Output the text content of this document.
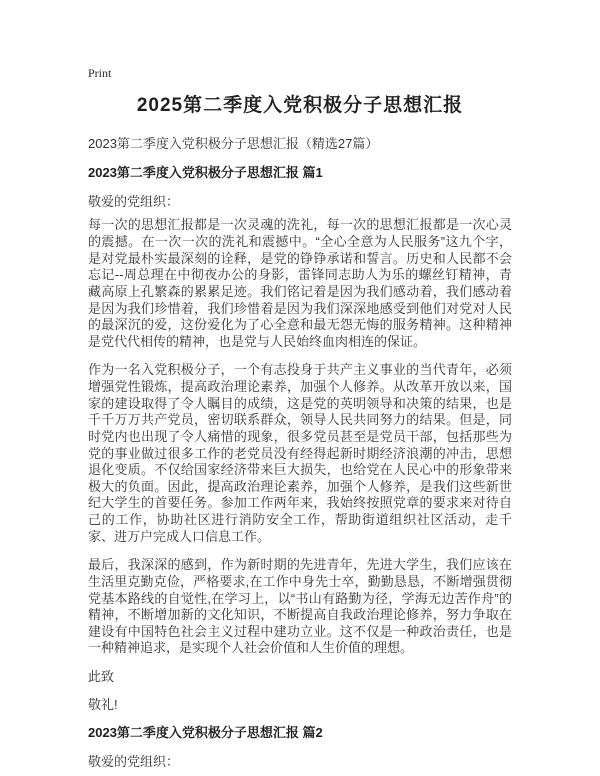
Print
2025第二季度入党积极分子思想汇报

2023第二季度入党积极分子思想汇报（精选27篇）

2023第二季度入党积极分子思想汇报 篇1

敬爱的党组织：

每一次的思想汇报都是一次灵魂的洗礼，每一次的思想汇报都是一次心灵的震撼。在一次一次的洗礼和震撼中。“全心全意为人民服务”这九个字，是对党最朴实最深刻的诠释，是党的铮铮承诺和誓言。历史和人民都不会忘记--周总理在中彻夜办公的身影，雷锋同志助人为乐的螺丝钉精神，青藏高原上孔繁森的累累足迹。我们铭记着是因为我们感动着，我们感动着是因为我们珍惜着，我们珍惜着是因为我们深深地感受到他们对党对人民的最深沉的爱，这份爱化为了心全意和最无怨无悔的服务精神。这种精神是党代代相传的精神，也是党与人民始终血肉相连的保证。

作为一名入党积极分子，一个有志投身于共产主义事业的当代青年，必须增强党性锻炼，提高政治理论素养，加强个人修养。从改革开放以来，国家的建设取得了令人瞩目的成绩，这是党的英明领导和决策的结果，也是千千万万共产党员，密切联系群众，领导人民共同努力的结果。但是，同时党内也出现了令人痛惜的现象，很多党员甚至是党员干部，包括那些为党的事业做过很多工作的老党员没有经得起新时期经济浪潮的冲击，思想退化变质。不仅给国家经济带来巨大损失，也给党在人民心中的形象带来极大的负面。因此，提高政治理论素养，加强个人修养，是我们这些新世纪大学生的首要任务。参加工作两年来，我始终按照党章的要求来对待自己的工作，协助社区进行消防安全工作，帮助街道组织社区活动，走千家、进万户完成人口信息工作。

最后，我深深的感到，作为新时期的先进青年，先进大学生，我们应该在生活里克勤克俭，严格要求,在工作中身先士卒，勤勤恳恳，不断增强贯彻党基本路线的自觉性,在学习上，以“书山有路勤为径，学海无边苦作舟”的精神，不断增加新的文化知识，不断提高自我政治理论修养，努力争取在建设有中国特色社会主义过程中建功立业。这不仅是一种政治责任，也是一种精神追求，是实现个人社会价值和人生价值的理想。

此致

敬礼!

2023第二季度入党积极分子思想汇报 篇2

敬爱的党组织：
